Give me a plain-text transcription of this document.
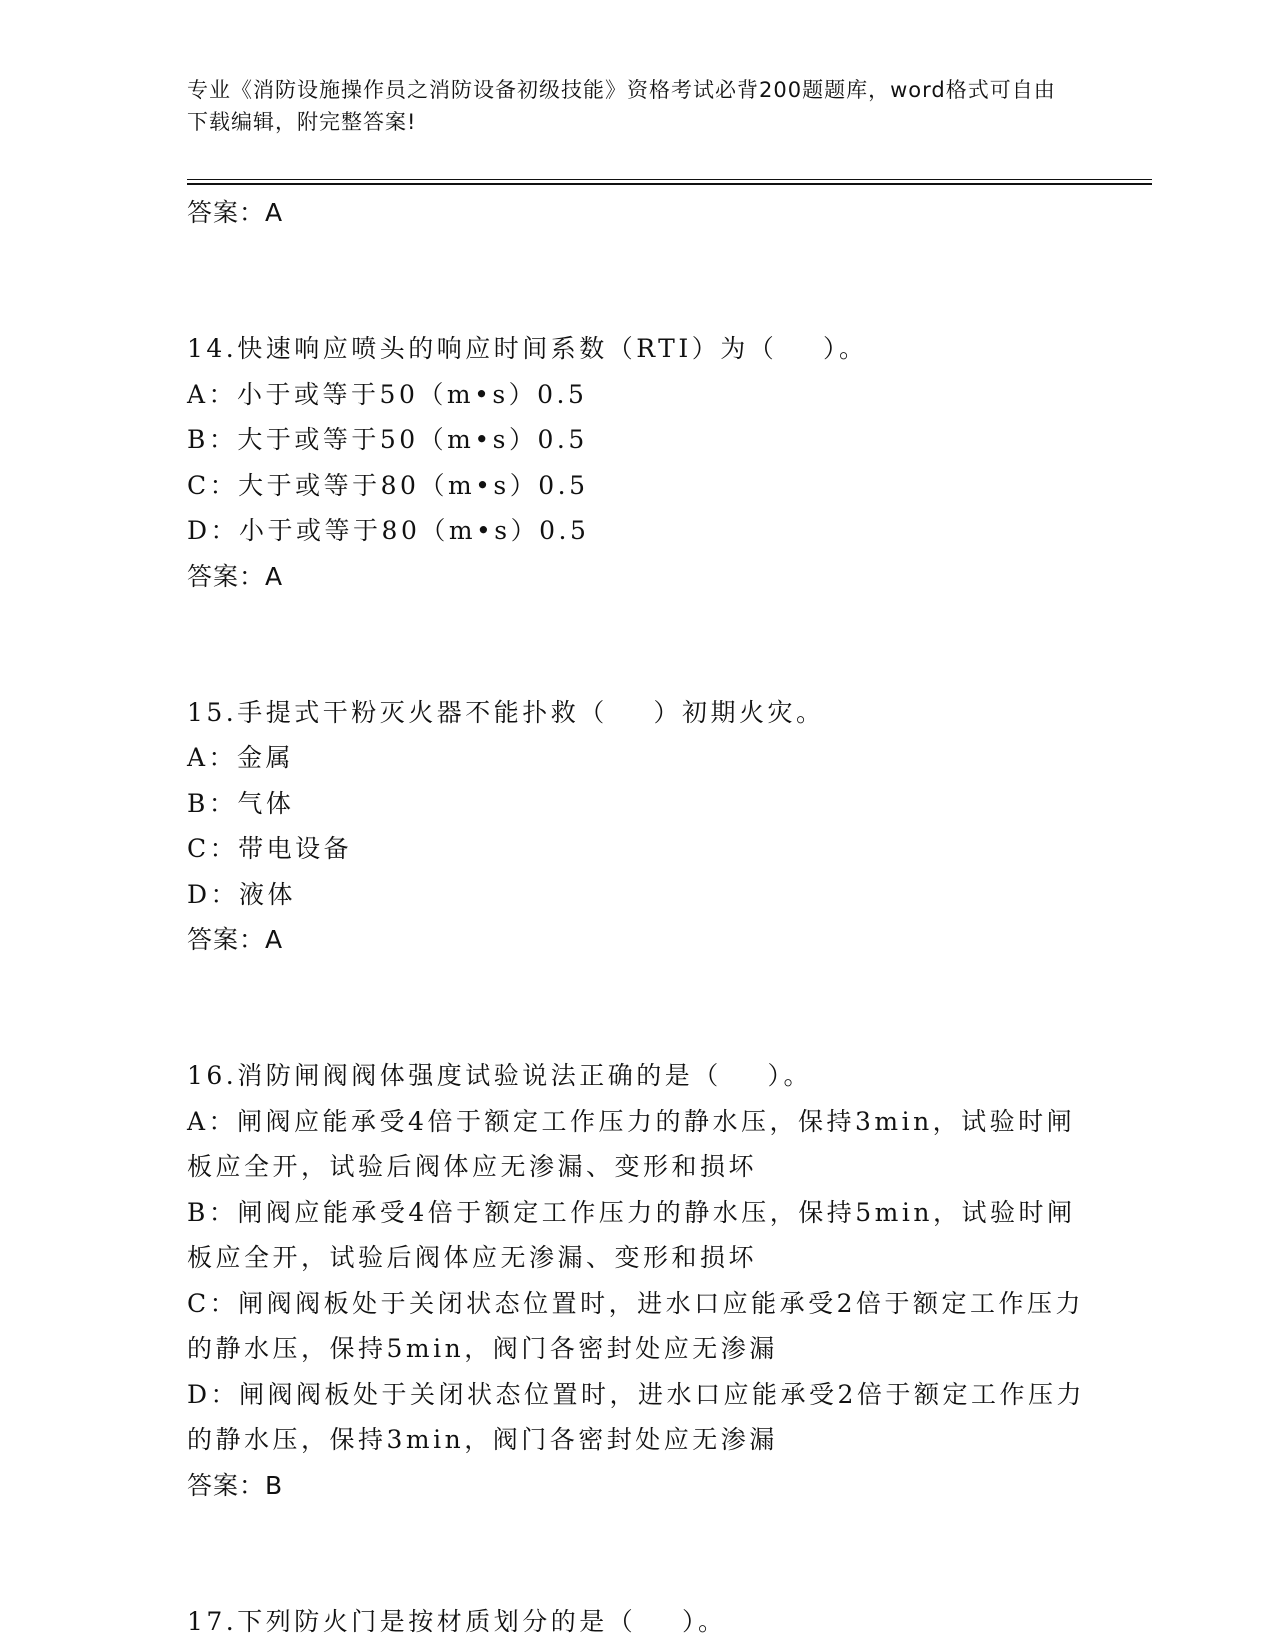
专业《消防设施操作员之消防设备初级技能》资格考试必背200题题库，word格式可自由下载编辑，附完整答案!

答案：A

14.快速响应喷头的响应时间系数（RTI）为（    ）。

A：小于或等于50（m•s）0.5

B：大于或等于50（m•s）0.5

C：大于或等于80（m•s）0.5

D：小于或等于80（m•s）0.5

答案：A

15.手提式干粉灭火器不能扑救（    ）初期火灾。

A：金属

B：气体

C：带电设备

D：液体

答案：A

16.消防闸阀阀体强度试验说法正确的是（    ）。

A：闸阀应能承受4倍于额定工作压力的静水压，保持3min，试验时闸板应全开，试验后阀体应无渗漏、变形和损坏

B：闸阀应能承受4倍于额定工作压力的静水压，保持5min，试验时闸板应全开，试验后阀体应无渗漏、变形和损坏

C：闸阀阀板处于关闭状态位置时，进水口应能承受2倍于额定工作压力的静水压，保持5min，阀门各密封处应无渗漏

D：闸阀阀板处于关闭状态位置时，进水口应能承受2倍于额定工作压力的静水压，保持3min，阀门各密封处应无渗漏

答案：B

17.下列防火门是按材质划分的是（    ）。
